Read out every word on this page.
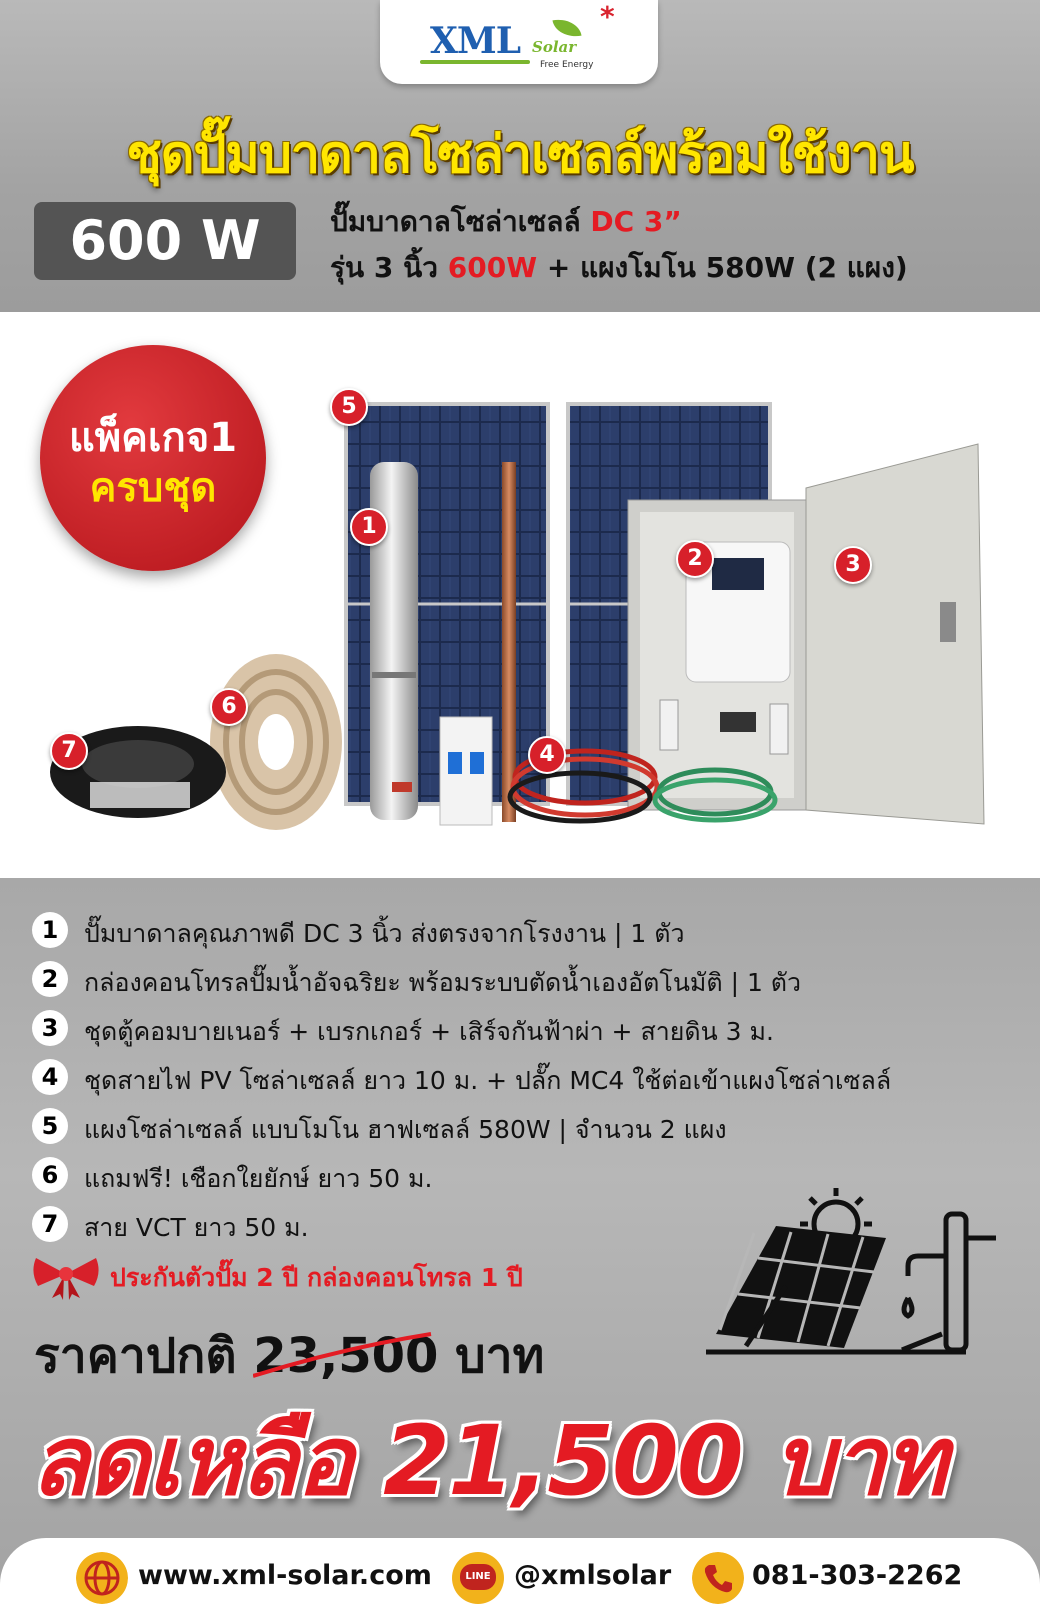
XML
*
Solar
Free Energy
ชุดปั๊มบาดาลโซล่าเซลล์พร้อมใช้งาน
600 W	ปั๊มบาดาลโซล่าเซลล์ DC 3”
รุ่น 3 นิ้ว 600W + แผงโมโน 580W (2 แผง)
แพ็คเกจ1
ครบชุด
5
1
2	3
4
6
7
1	ปั๊มบาดาลคุณภาพดี DC 3 นิ้ว ส่งตรงจากโรงงาน | 1 ตัว
2	กล่องคอนโทรลปั๊มน้ำอัจฉริยะ พร้อมระบบตัดน้ำเองอัตโนมัติ | 1 ตัว
3	ชุดตู้คอมบายเนอร์ + เบรกเกอร์ + เสิร์จกันฟ้าผ่า + สายดิน 3 ม.
4	ชุดสายไฟ PV โซล่าเซลล์ ยาว 10 ม. + ปลั๊ก MC4 ใช้ต่อเข้าแผงโซล่าเซลล์
5	แผงโซล่าเซลล์ แบบโมโน ฮาฟเซลล์ 580W | จำนวน 2 แผง
6	แถมฟรี! เชือกใยยักษ์ ยาว 50 ม.
7	สาย VCT ยาว 50 ม.
ประกันตัวปั๊ม 2 ปี กล่องคอนโทรล 1 ปี
ราคาปกติ 23,500 บาท
ลดเหลือ 21,500 บาท
www.xml-solar.com	LINE @xmlsolar	081-303-2262
